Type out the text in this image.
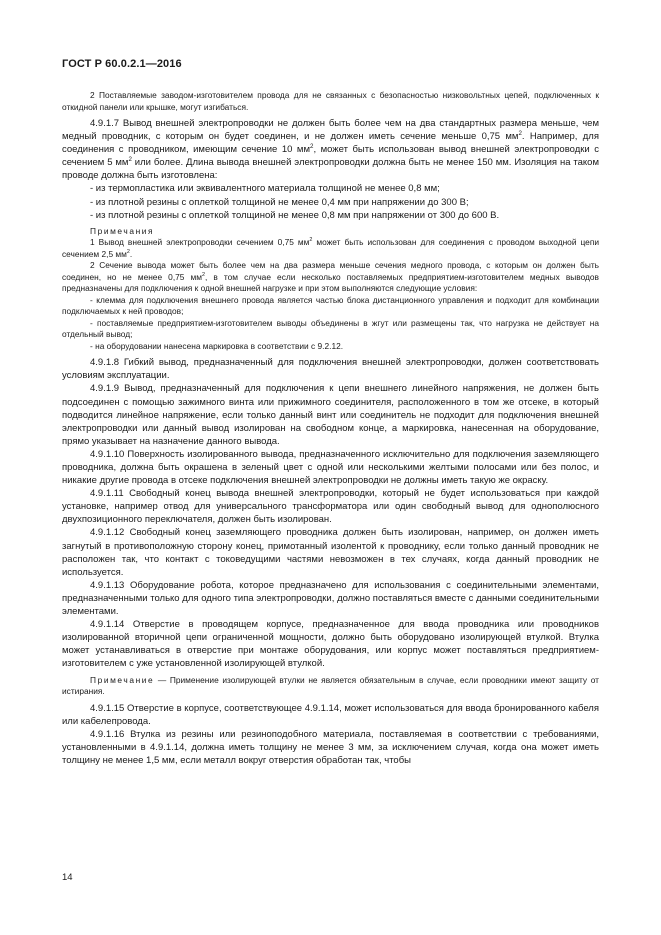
ГОСТ Р 60.0.2.1—2016

2 Поставляемые заводом-изготовителем провода для не связанных с безопасностью низковольтных цепей, подключенных к откидной панели или крышке, могут изгибаться.

4.9.1.7 Вывод внешней электропроводки не должен быть более чем на два стандартных размера меньше, чем медный проводник, с которым он будет соединен, и не должен иметь сечение меньше 0,75 $мм^2$. Например, для соединения с проводником, имеющим сечение 10 $мм^2$, может быть использован вывод внешней электропроводки с сечением 5 $мм^2$ или более. Длина вывода внешней электропроводки должна быть не менее 150 мм. Изоляция на таком проводе должна быть изготовлена:

- из термопластика или эквивалентного материала толщиной не менее 0,8 мм;

- из плотной резины с оплеткой толщиной не менее 0,4 мм при напряжении до 300 В;

- из плотной резины с оплеткой толщиной не менее 0,8 мм при напряжении от 300 до 600 В.

Примечания

1 Вывод внешней электропроводки сечением 0,75 $мм^2$ может быть использован для соединения с проводом выходной цепи сечением 2,5 $мм^2$.

2 Сечение вывода может быть более чем на два размера меньше сечения медного провода, с которым он должен быть соединен, но не менее 0,75 $мм^2$, в том случае если несколько поставляемых предприятием-изготовителем медных выводов предназначены для подключения к одной внешней нагрузке и при этом выполняются следующие условия:

- клемма для подключения внешнего провода является частью блока дистанционного управления и подходит для комбинации подключаемых к ней проводов;

- поставляемые предприятием-изготовителем выводы объединены в жгут или размещены так, что нагрузка не действует на отдельный вывод;

- на оборудовании нанесена маркировка в соответствии с 9.2.12.

4.9.1.8 Гибкий вывод, предназначенный для подключения внешней электропроводки, должен соответствовать условиям эксплуатации.

4.9.1.9 Вывод, предназначенный для подключения к цепи внешнего линейного напряжения, не должен быть подсоединен с помощью зажимного винта или прижимного соединителя, расположенного в том же отсеке, в который подводится линейное напряжение, если только данный винт или соединитель не подходит для подключения внешней электропроводки или данный вывод изолирован на свободном конце, а маркировка, нанесенная на оборудование, прямо указывает на назначение данного вывода.

4.9.1.10 Поверхность изолированного вывода, предназначенного исключительно для подключения заземляющего проводника, должна быть окрашена в зеленый цвет с одной или несколькими желтыми полосами или без полос, и никакие другие провода в отсеке подключения внешней электропроводки не должны иметь такую же окраску.

4.9.1.11 Свободный конец вывода внешней электропроводки, который не будет использоваться при каждой установке, например отвод для универсального трансформатора или один свободный вывод для однополюсного двухпозиционного переключателя, должен быть изолирован.

4.9.1.12 Свободный конец заземляющего проводника должен быть изолирован, например, он должен иметь загнутый в противоположную сторону конец, примотанный изолентой к проводнику, если только данный проводник не расположен так, что контакт с токоведущими частями невозможен в тех случаях, когда данный проводник не используется.

4.9.1.13 Оборудование робота, которое предназначено для использования с соединительными элементами, предназначенными только для одного типа электропроводки, должно поставляться вместе с данными соединительными элементами.

4.9.1.14 Отверстие в проводящем корпусе, предназначенное для ввода проводника или проводников изолированной вторичной цепи ограниченной мощности, должно быть оборудовано изолирующей втулкой. Втулка может устанавливаться в отверстие при монтаже оборудования, или корпус может поставляться предприятием-изготовителем с уже установленной изолирующей втулкой.

Примечание — Применение изолирующей втулки не является обязательным в случае, если проводники имеют защиту от истирания.

4.9.1.15 Отверстие в корпусе, соответствующее 4.9.1.14, может использоваться для ввода бронированного кабеля или кабелепровода.

4.9.1.16 Втулка из резины или резиноподобного материала, поставляемая в соответствии с требованиями, установленными в 4.9.1.14, должна иметь толщину не менее 3 мм, за исключением случая, когда она может иметь толщину не менее 1,5 мм, если металл вокруг отверстия обработан так, чтобы

14
